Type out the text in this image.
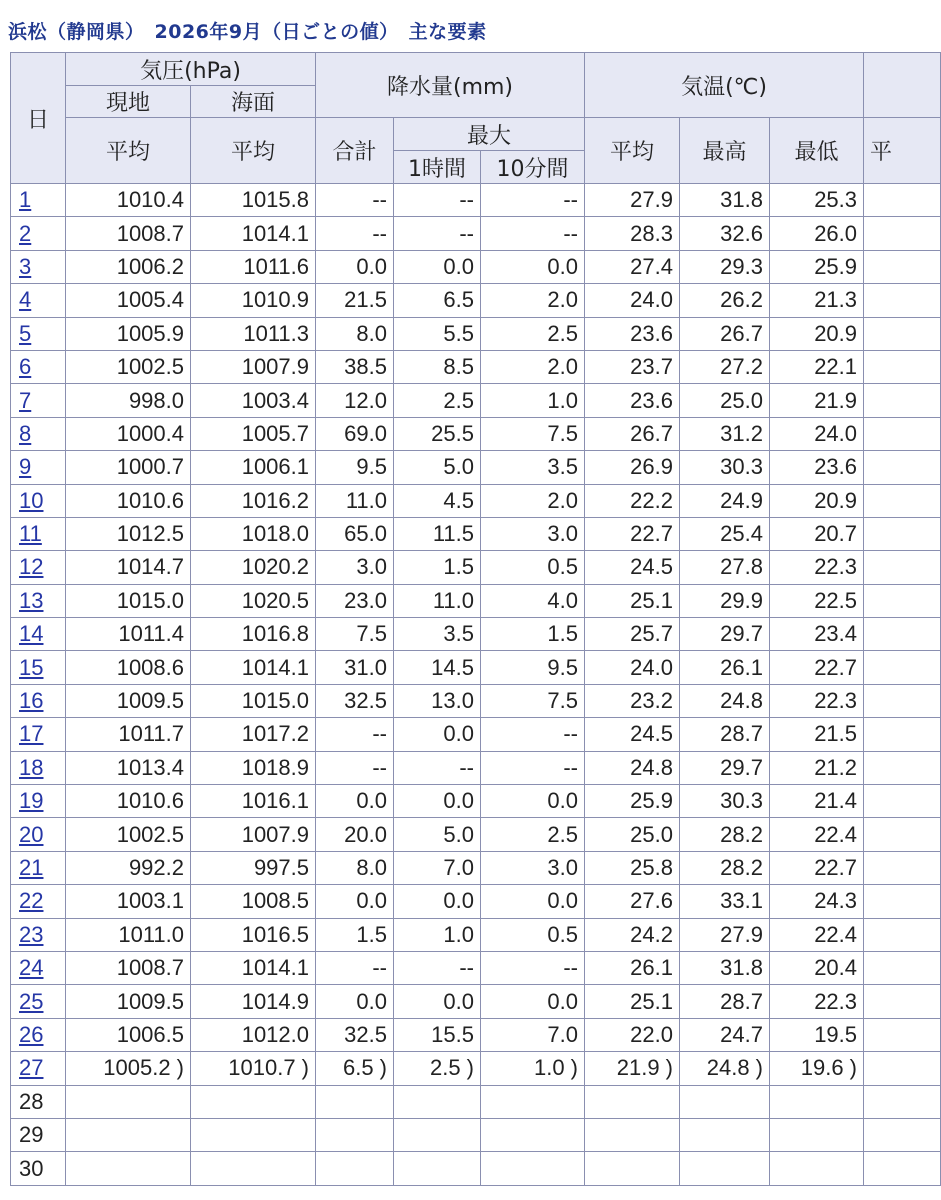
浜松（静岡県）　2026年9月（日ごとの値）　主な要素
日	気圧(hPa)		降水量(mm)			気温(℃)			
	現地	海面							
	平均	平均	合計	最大		平均	最高	最低	平
				1時間	10分間				
1	1010.4	1015.8	--	--	--	27.9	31.8	25.3	
2	1008.7	1014.1	--	--	--	28.3	32.6	26.0	
3	1006.2	1011.6	0.0	0.0	0.0	27.4	29.3	25.9	
4	1005.4	1010.9	21.5	6.5	2.0	24.0	26.2	21.3	
5	1005.9	1011.3	8.0	5.5	2.5	23.6	26.7	20.9	
6	1002.5	1007.9	38.5	8.5	2.0	23.7	27.2	22.1	
7	998.0	1003.4	12.0	2.5	1.0	23.6	25.0	21.9	
8	1000.4	1005.7	69.0	25.5	7.5	26.7	31.2	24.0	
9	1000.7	1006.1	9.5	5.0	3.5	26.9	30.3	23.6	
10	1010.6	1016.2	11.0	4.5	2.0	22.2	24.9	20.9	
11	1012.5	1018.0	65.0	11.5	3.0	22.7	25.4	20.7	
12	1014.7	1020.2	3.0	1.5	0.5	24.5	27.8	22.3	
13	1015.0	1020.5	23.0	11.0	4.0	25.1	29.9	22.5	
14	1011.4	1016.8	7.5	3.5	1.5	25.7	29.7	23.4	
15	1008.6	1014.1	31.0	14.5	9.5	24.0	26.1	22.7	
16	1009.5	1015.0	32.5	13.0	7.5	23.2	24.8	22.3	
17	1011.7	1017.2	--	0.0	--	24.5	28.7	21.5	
18	1013.4	1018.9	--	--	--	24.8	29.7	21.2	
19	1010.6	1016.1	0.0	0.0	0.0	25.9	30.3	21.4	
20	1002.5	1007.9	20.0	5.0	2.5	25.0	28.2	22.4	
21	992.2	997.5	8.0	7.0	3.0	25.8	28.2	22.7	
22	1003.1	1008.5	0.0	0.0	0.0	27.6	33.1	24.3	
23	1011.0	1016.5	1.5	1.0	0.5	24.2	27.9	22.4	
24	1008.7	1014.1	--	--	--	26.1	31.8	20.4	
25	1009.5	1014.9	0.0	0.0	0.0	25.1	28.7	22.3	
26	1006.5	1012.0	32.5	15.5	7.0	22.0	24.7	19.5	
27	1005.2 )	1010.7 )	6.5 )	2.5 )	1.0 )	21.9 )	24.8 )	19.6 )	
28									
29									
30									
